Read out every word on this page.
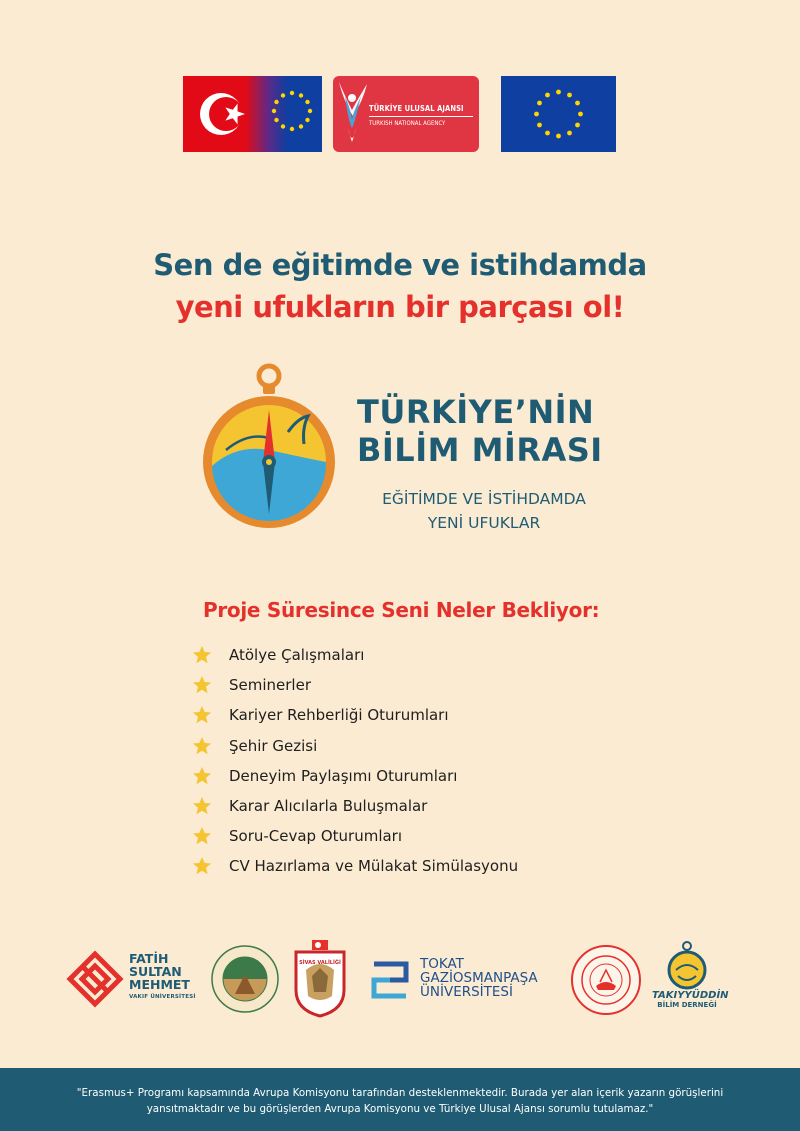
TÜRKİYE ULUSAL AJANSI
TURKISH NATIONAL AGENCY
Sen de eğitimde ve istihdamda
yeni ufukların bir parçası ol!
TÜRKİYE’NİN
BİLİM MİRASI
EĞİTİMDE VE İSTİHDAMDA
YENİ UFUKLAR
Proje Süresince Seni Neler Bekliyor:
Atölye Çalışmaları
Seminerler
Kariyer Rehberliği Oturumları
Şehir Gezisi
Deneyim Paylaşımı Oturumları
Karar Alıcılarla Buluşmalar
Soru-Cevap Oturumları
CV Hazırlama ve Mülakat Simülasyonu
FATİH
SULTAN
MEHMET
VAKIF ÜNİVERSİTESİ
SİVAS VALİLİĞİ	TOKAT
GAZİOSMANPAŞA
ÜNİVERSİTESİ	TAKIYYÜDDİN
BİLİM DERNEĞİ
"Erasmus+ Programı kapsamında Avrupa Komisyonu tarafından desteklenmektedir. Burada yer alan içerik yazarın görüşlerini
yansıtmaktadır ve bu görüşlerden Avrupa Komisyonu ve Türkiye Ulusal Ajansı sorumlu tutulamaz."
